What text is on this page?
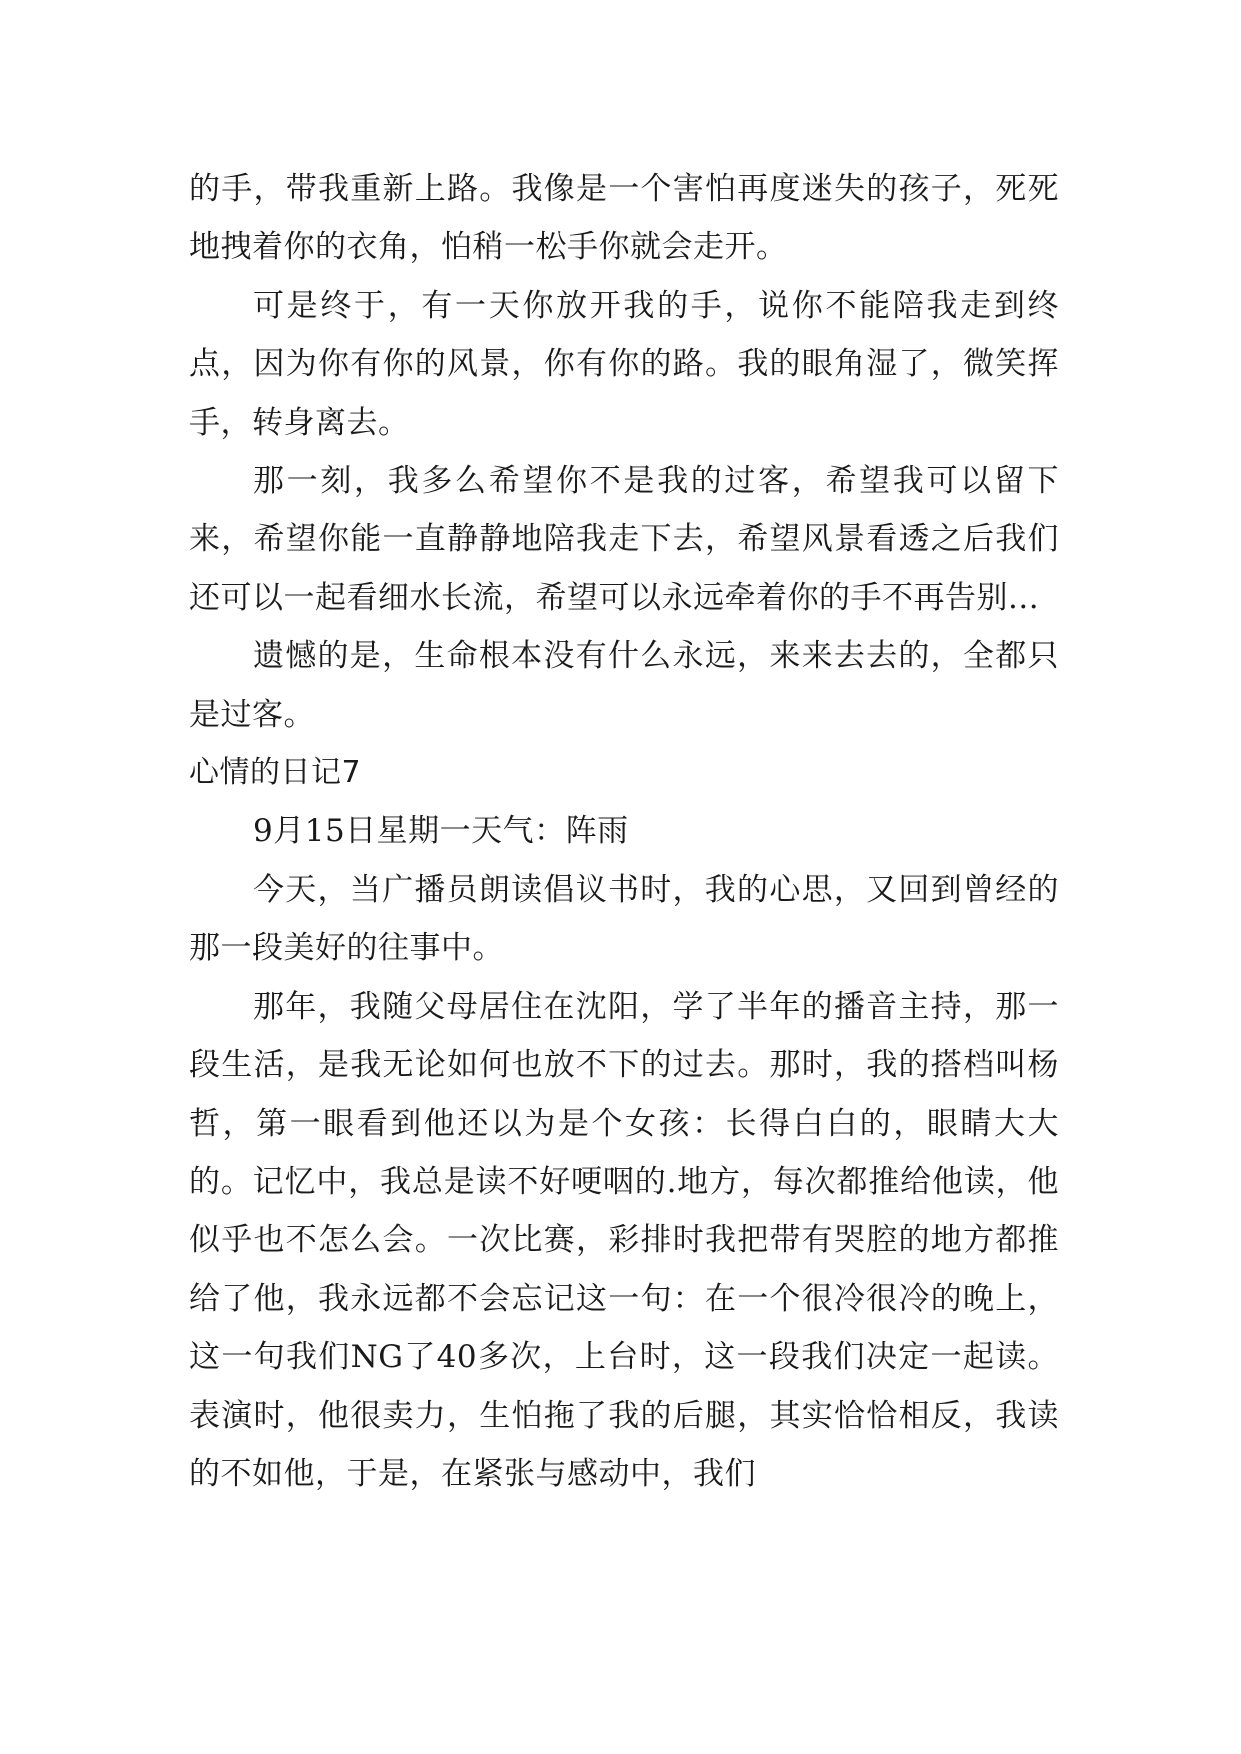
的手，带我重新上路。我像是一个害怕再度迷失的孩子，死死地拽着你的衣角，怕稍一松手你就会走开。

可是终于，有一天你放开我的手，说你不能陪我走到终点，因为你有你的风景，你有你的路。我的眼角湿了，微笑挥手，转身离去。

那一刻，我多么希望你不是我的过客，希望我可以留下来，希望你能一直静静地陪我走下去，希望风景看透之后我们还可以一起看细水长流，希望可以永远牵着你的手不再告别...

遗憾的是，生命根本没有什么永远，来来去去的，全都只是过客。

心情的日记7

9月15日星期一天气：阵雨

今天，当广播员朗读倡议书时，我的心思，又回到曾经的那一段美好的往事中。

那年，我随父母居住在沈阳，学了半年的播音主持，那一段生活，是我无论如何也放不下的过去。那时，我的搭档叫杨哲，第一眼看到他还以为是个女孩：长得白白的，眼睛大大的。记忆中，我总是读不好哽咽的.地方，每次都推给他读，他似乎也不怎么会。一次比赛，彩排时我把带有哭腔的地方都推给了他，我永远都不会忘记这一句：在一个很冷很冷的晚上，这一句我们NG了40多次，上台时，这一段我们决定一起读。表演时，他很卖力，生怕拖了我的后腿，其实恰恰相反，我读的不如他，于是，在紧张与感动中，我们
